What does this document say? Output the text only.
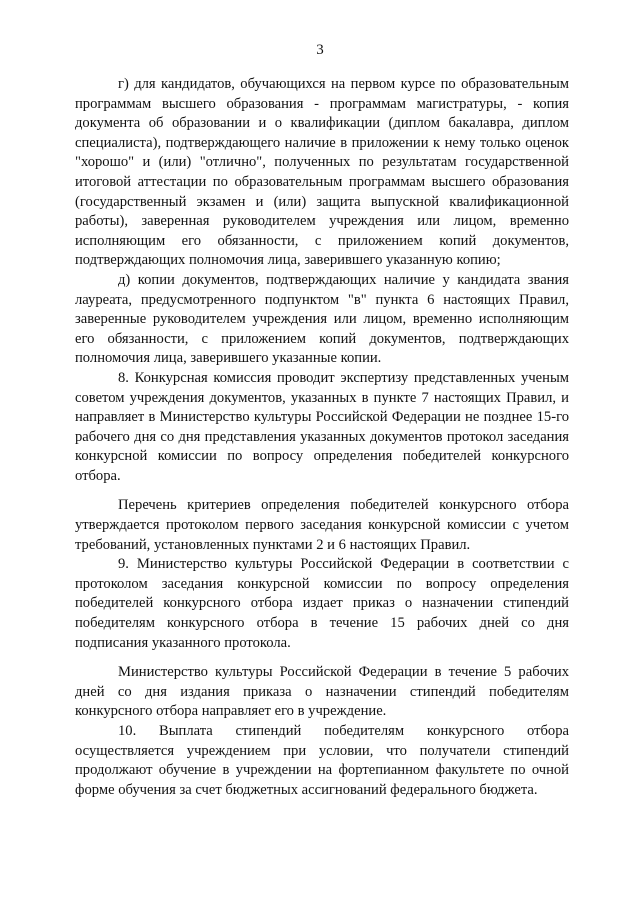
3

г) для кандидатов, обучающихся на первом курсе по образовательным программам высшего образования - программам магистратуры, - копия документа об образовании и о квалификации (диплом бакалавра, диплом специалиста), подтверждающего наличие в приложении к нему только оценок "хорошо" и (или) "отлично", полученных по результатам государственной итоговой аттестации по образовательным программам высшего образования (государственный экзамен и (или) защита выпускной квалификационной работы), заверенная руководителем учреждения или лицом, временно исполняющим его обязанности, с приложением копий документов, подтверждающих полномочия лица, заверившего указанную копию;

д) копии документов, подтверждающих наличие у кандидата звания лауреата, предусмотренного подпунктом "в" пункта 6 настоящих Правил, заверенные руководителем учреждения или лицом, временно исполняющим его обязанности, с приложением копий документов, подтверждающих полномочия лица, заверившего указанные копии.

8. Конкурсная комиссия проводит экспертизу представленных ученым советом учреждения документов, указанных в пункте 7 настоящих Правил, и направляет в Министерство культуры Российской Федерации не позднее 15-го рабочего дня со дня представления указанных документов протокол заседания конкурсной комиссии по вопросу определения победителей конкурсного отбора.

Перечень критериев определения победителей конкурсного отбора утверждается протоколом первого заседания конкурсной комиссии с учетом требований, установленных пунктами 2 и 6 настоящих Правил.

9. Министерство культуры Российской Федерации в соответствии с протоколом заседания конкурсной комиссии по вопросу определения победителей конкурсного отбора издает приказ о назначении стипендий победителям конкурсного отбора в течение 15 рабочих дней со дня подписания указанного протокола.

Министерство культуры Российской Федерации в течение 5 рабочих дней со дня издания приказа о назначении стипендий победителям конкурсного отбора направляет его в учреждение.

10. Выплата стипендий победителям конкурсного отбора осуществляется учреждением при условии, что получатели стипендий продолжают обучение в учреждении на фортепианном факультете по очной форме обучения за счет бюджетных ассигнований федерального бюджета.
